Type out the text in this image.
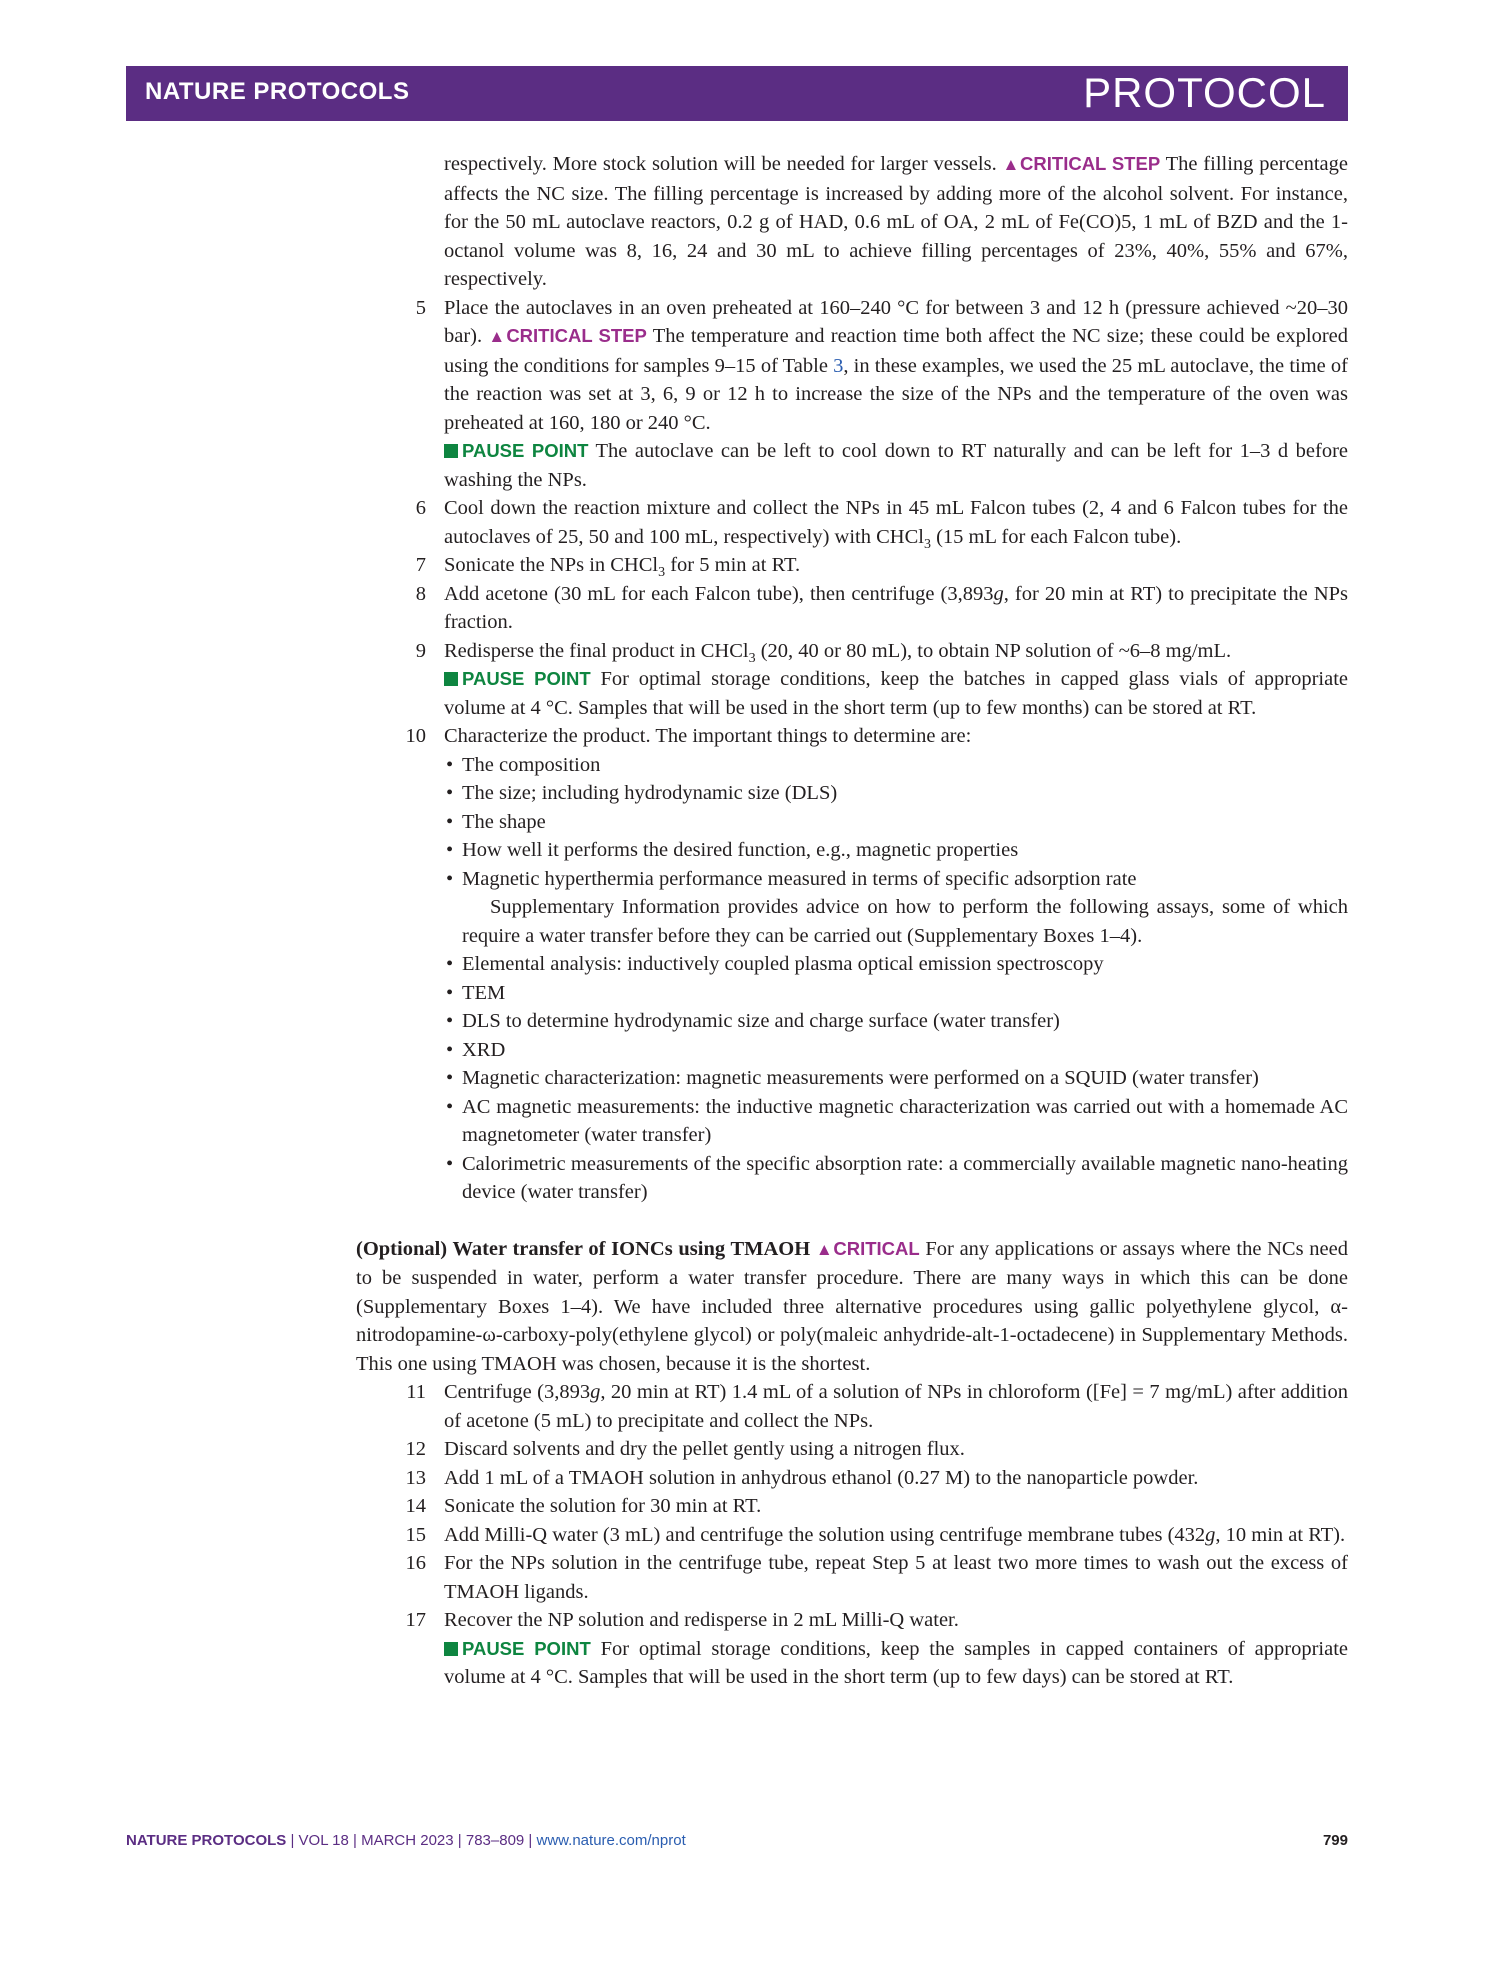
NATURE PROTOCOLS	PROTOCOL
respectively. More stock solution will be needed for larger vessels. ▲CRITICAL STEP The filling percentage affects the NC size. The filling percentage is increased by adding more of the alcohol solvent. For instance, for the 50 mL autoclave reactors, 0.2 g of HAD, 0.6 mL of OA, 2 mL of Fe(CO)5, 1 mL of BZD and the 1-octanol volume was 8, 16, 24 and 30 mL to achieve filling percentages of 23%, 40%, 55% and 67%, respectively.
5 Place the autoclaves in an oven preheated at 160–240 °C for between 3 and 12 h (pressure achieved ~20–30 bar). ▲CRITICAL STEP The temperature and reaction time both affect the NC size; these could be explored using the conditions for samples 9–15 of Table 3, in these examples, we used the 25 mL autoclave, the time of the reaction was set at 3, 6, 9 or 12 h to increase the size of the NPs and the temperature of the oven was preheated at 160, 180 or 240 °C.
PAUSE POINT The autoclave can be left to cool down to RT naturally and can be left for 1–3 d before washing the NPs.
6 Cool down the reaction mixture and collect the NPs in 45 mL Falcon tubes (2, 4 and 6 Falcon tubes for the autoclaves of 25, 50 and 100 mL, respectively) with CHCl$_3$ (15 mL for each Falcon tube).
7 Sonicate the NPs in CHCl$_3$ for 5 min at RT.
8 Add acetone (30 mL for each Falcon tube), then centrifuge (3,893g, for 20 min at RT) to precipitate the NPs fraction.
9 Redisperse the final product in CHCl$_3$ (20, 40 or 80 mL), to obtain NP solution of ~6–8 mg/mL.
PAUSE POINT For optimal storage conditions, keep the batches in capped glass vials of appropriate volume at 4 °C. Samples that will be used in the short term (up to few months) can be stored at RT.
10 Characterize the product. The important things to determine are:
• The composition
• The size; including hydrodynamic size (DLS)
• The shape
• How well it performs the desired function, e.g., magnetic properties
• Magnetic hyperthermia performance measured in terms of specific adsorption rate
Supplementary Information provides advice on how to perform the following assays, some of which require a water transfer before they can be carried out (Supplementary Boxes 1–4).
• Elemental analysis: inductively coupled plasma optical emission spectroscopy
• TEM
• DLS to determine hydrodynamic size and charge surface (water transfer)
• XRD
• Magnetic characterization: magnetic measurements were performed on a SQUID (water transfer)
• AC magnetic measurements: the inductive magnetic characterization was carried out with a homemade AC magnetometer (water transfer)
• Calorimetric measurements of the specific absorption rate: a commercially available magnetic nano-heating device (water transfer)

(Optional) Water transfer of IONCs using TMAOH ▲CRITICAL For any applications or assays where the NCs need to be suspended in water, perform a water transfer procedure. There are many ways in which this can be done (Supplementary Boxes 1–4). We have included three alternative procedures using gallic polyethylene glycol, α-nitrodopamine-ω-carboxy-poly(ethylene glycol) or poly(maleic anhydride-alt-1-octadecene) in Supplementary Methods. This one using TMAOH was chosen, because it is the shortest.

11 Centrifuge (3,893g, 20 min at RT) 1.4 mL of a solution of NPs in chloroform ([Fe] = 7 mg/mL) after addition of acetone (5 mL) to precipitate and collect the NPs.
12 Discard solvents and dry the pellet gently using a nitrogen flux.
13 Add 1 mL of a TMAOH solution in anhydrous ethanol (0.27 M) to the nanoparticle powder.
14 Sonicate the solution for 30 min at RT.
15 Add Milli-Q water (3 mL) and centrifuge the solution using centrifuge membrane tubes (432g, 10 min at RT).
16 For the NPs solution in the centrifuge tube, repeat Step 5 at least two more times to wash out the excess of TMAOH ligands.
17 Recover the NP solution and redisperse in 2 mL Milli-Q water.
PAUSE POINT For optimal storage conditions, keep the samples in capped containers of appropriate volume at 4 °C. Samples that will be used in the short term (up to few days) can be stored at RT.
NATURE PROTOCOLS | VOL 18 | MARCH 2023 | 783–809 | www.nature.com/nprot	799
